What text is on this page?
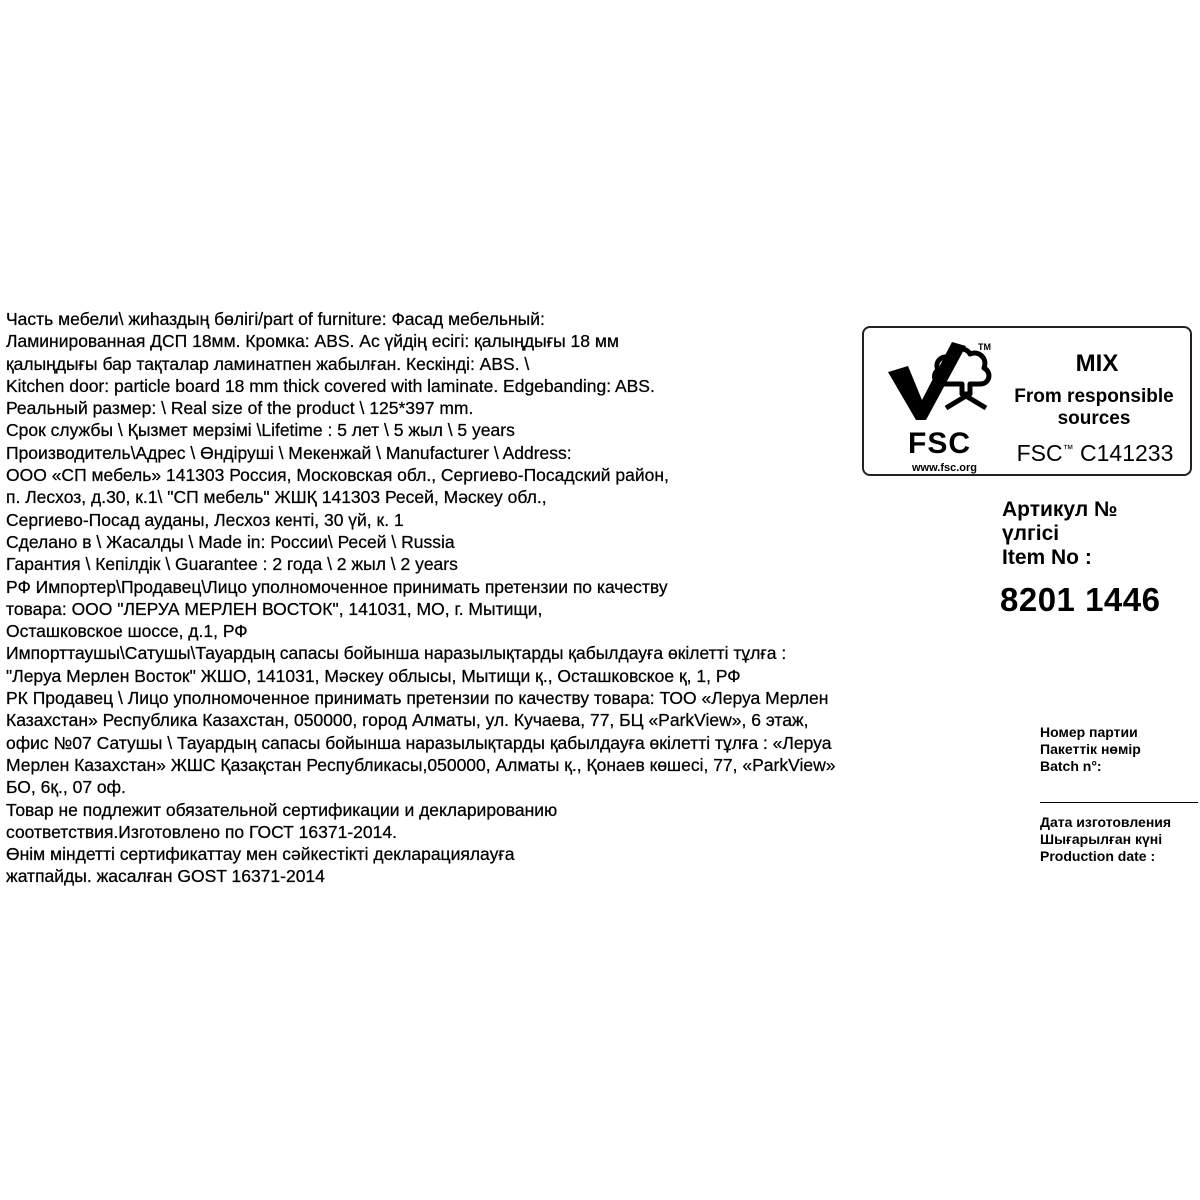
Часть мебели\ жиһаздың бөлігі/part of furniture: Фасад мебельный:
Ламинированная ДСП 18мм. Кромка: ABS. Ас үйдің есігі: қалыңдығы 18 мм
қалыңдығы бар тақталар ламинатпен жабылған. Кескінді: ABS. \
Kitchen door: particle board 18 mm thick covered with laminate. Edgebanding: ABS.
Реальный размер: \ Real size of the product \ 125*397 mm.
Срок службы \ Қызмет мерзімі \Lifetime : 5 лет \ 5 жыл \ 5 years
Производитель\Адрес \ Өндіруші \ Мекенжай \ Manufacturer \ Address:
ООО «СП мебель» 141303 Россия, Московская обл., Сергиево-Посадский район,
п. Лесхоз, д.30, к.1\ "СП мебель" ЖШҚ 141303 Ресей, Мәскеу обл.,
Сергиево-Посад ауданы, Лесхоз кенті, 30 үй, к. 1
Сделано в \ Жасалды \ Made in: России\ Ресей \ Russia
Гарантия \ Кепілдік \ Guarantee : 2 года \ 2 жыл \ 2 years
РФ Импортер\Продавец\Лицо уполномоченное принимать претензии по качеству
товара: ООО "ЛЕРУА МЕРЛЕН ВОСТОК", 141031, МО, г. Мытищи,
Осташковское шоссе, д.1, РФ
Импорттаушы\Сатушы\Тауардың сапасы бойынша наразылықтарды қабылдауға өкілетті тұлға :
"Леруа Мерлен Восток" ЖШО, 141031, Мәскеу облысы, Мытищи қ., Осташковское қ, 1, РФ
РК Продавец \ Лицо уполномоченное принимать претензии по качеству товара: ТОО «Леруа Мерлен
Казахстан» Республика Казахстан, 050000, город Алматы, ул. Кучаева, 77, БЦ «ParkView», 6 этаж,
офис №07 Сатушы \ Тауардың сапасы бойынша наразылықтарды қабылдауға өкілетті тұлға : «Леруа
Мерлен Казахстан» ЖШС Қазақстан Республикасы,050000, Алматы қ., Қонаев көшесі, 77, «ParkView»
БО, 6қ., 07 оф.
Товар не подлежит обязательной сертификации и декларированию
соответствия.Изготовлено по ГОСТ 16371-2014.
Өнім міндетті сертификаттау мен сәйкестікті декларациялауға
жатпайды. жасалған GOST 16371-2014
TM
FSC
www.fsc.org
MIX
From responsible sources
FSC™ C141233
Артикул №
үлгісі
Item No :
8201 1446
Номер партии
Пакеттік нөмір
Batch n°:
Дата изготовления
Шығарылған күні
Production date :
